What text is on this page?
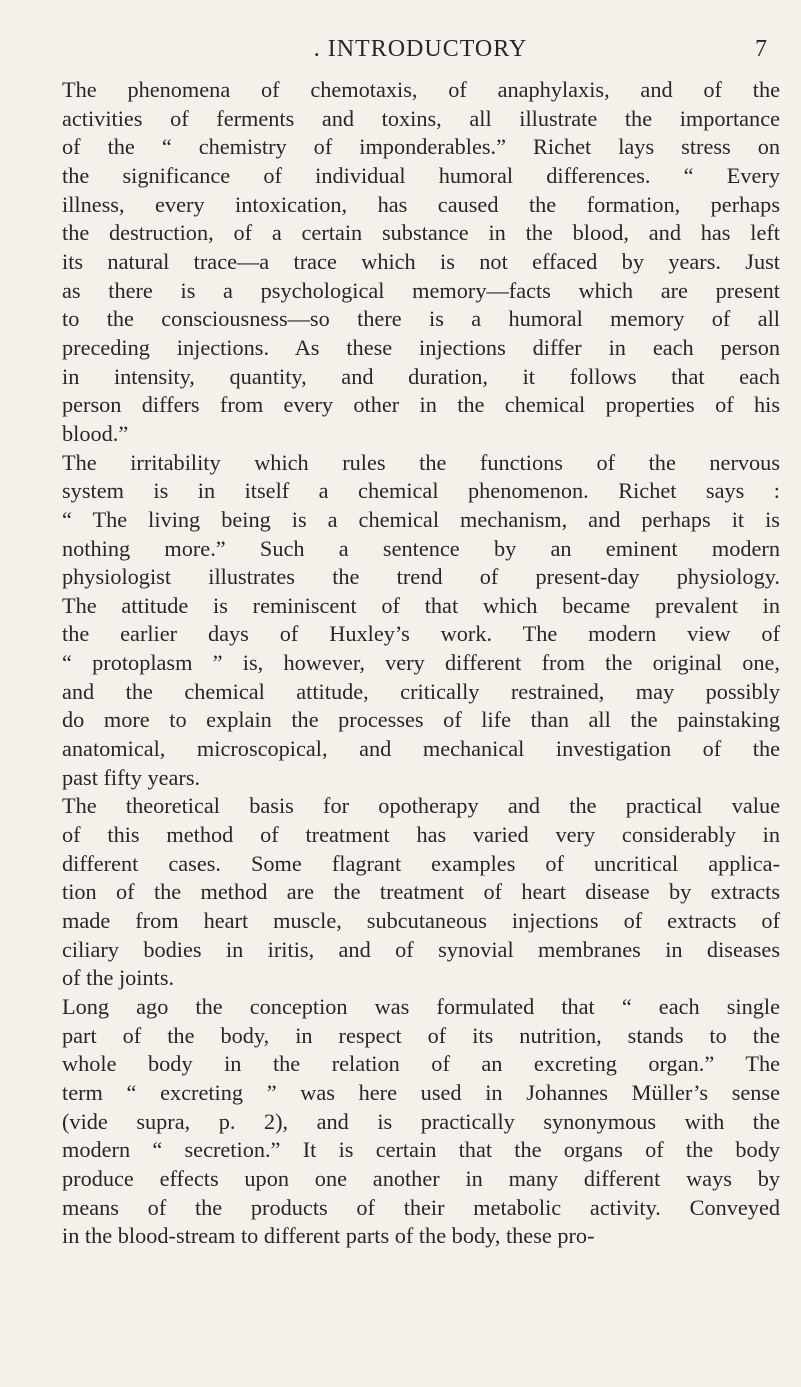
. INTRODUCTORY	7
The phenomena of chemotaxis, of anaphylaxis, and of the
activities of ferments and toxins, all illustrate the importance
of the “ chemistry of imponderables.” Richet lays stress on
the significance of individual humoral differences. “ Every
illness, every intoxication, has caused the formation, perhaps
the destruction, of a certain substance in the blood, and has left
its natural trace—a trace which is not effaced by years. Just
as there is a psychological memory—facts which are present
to the consciousness—so there is a humoral memory of all
preceding injections. As these injections differ in each person
in intensity, quantity, and duration, it follows that each
person differs from every other in the chemical properties of his
blood.”
The irritability which rules the functions of the nervous
system is in itself a chemical phenomenon. Richet says :
“ The living being is a chemical mechanism, and perhaps it is
nothing more.” Such a sentence by an eminent modern
physiologist illustrates the trend of present-day physiology.
The attitude is reminiscent of that which became prevalent in
the earlier days of Huxley’s work. The modern view of
“ protoplasm ” is, however, very different from the original one,
and the chemical attitude, critically restrained, may possibly
do more to explain the processes of life than all the painstaking
anatomical, microscopical, and mechanical investigation of the
past fifty years.
The theoretical basis for opotherapy and the practical value
of this method of treatment has varied very considerably in
different cases. Some flagrant examples of uncritical applica-
tion of the method are the treatment of heart disease by extracts
made from heart muscle, subcutaneous injections of extracts of
ciliary bodies in iritis, and of synovial membranes in diseases
of the joints.
Long ago the conception was formulated that “ each single
part of the body, in respect of its nutrition, stands to the
whole body in the relation of an excreting organ.” The
term “ excreting ” was here used in Johannes Müller’s sense
(vide supra, p. 2), and is practically synonymous with the
modern “ secretion.” It is certain that the organs of the body
produce effects upon one another in many different ways by
means of the products of their metabolic activity. Conveyed
in the blood-stream to different parts of the body, these pro-
